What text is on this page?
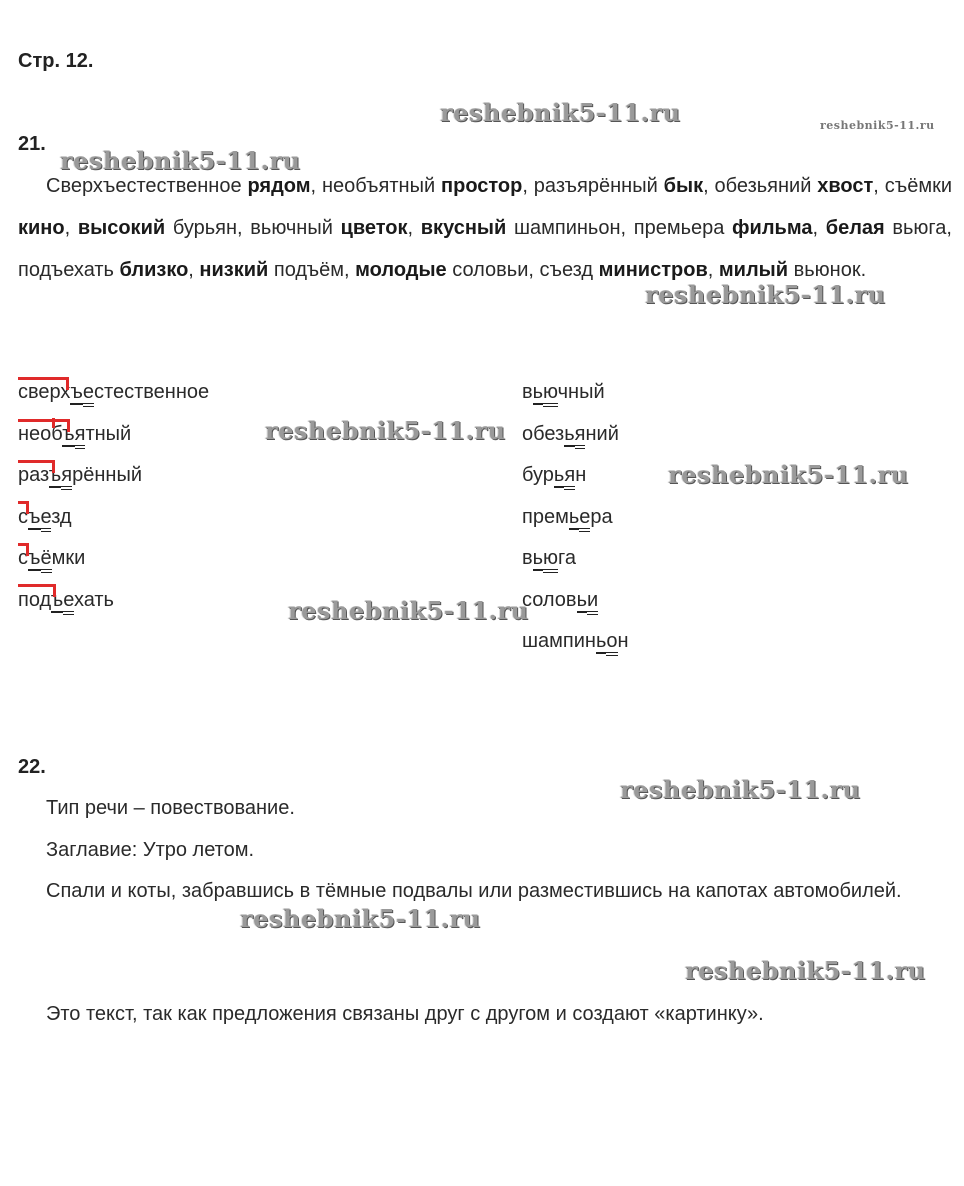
Стр. 12.
21.
Сверхъестественное рядом, необъятный простор, разъярённый бык, обезьяний хвост, съёмки кино, высокий бурьян, вьючный цветок, вкусный шампиньон, премьера фильма, белая вьюга, подъехать близко, низкий подъём, молодые соловьи, съезд министров, милый вьюнок.
сверхъестественное
необъятный
разъярённый
съезд
съёмки
подъехать
вьючный
обезьяний
бурьян
премьера
вьюга
соловьи
шампиньон
22.
Тип речи – повествование.
Заглавие: Утро летом.
Спали и коты, забравшись в тёмные подвалы или разместившись на капотах автомобилей.
Это текст, так как предложения связаны друг с другом и создают «картинку».
reshebnik5-11.ru	reshebnik5-11.ru
reshebnik5-11.ru
reshebnik5-11.ru
reshebnik5-11.ru
reshebnik5-11.ru
reshebnik5-11.ru
reshebnik5-11.ru
reshebnik5-11.ru
reshebnik5-11.ru
